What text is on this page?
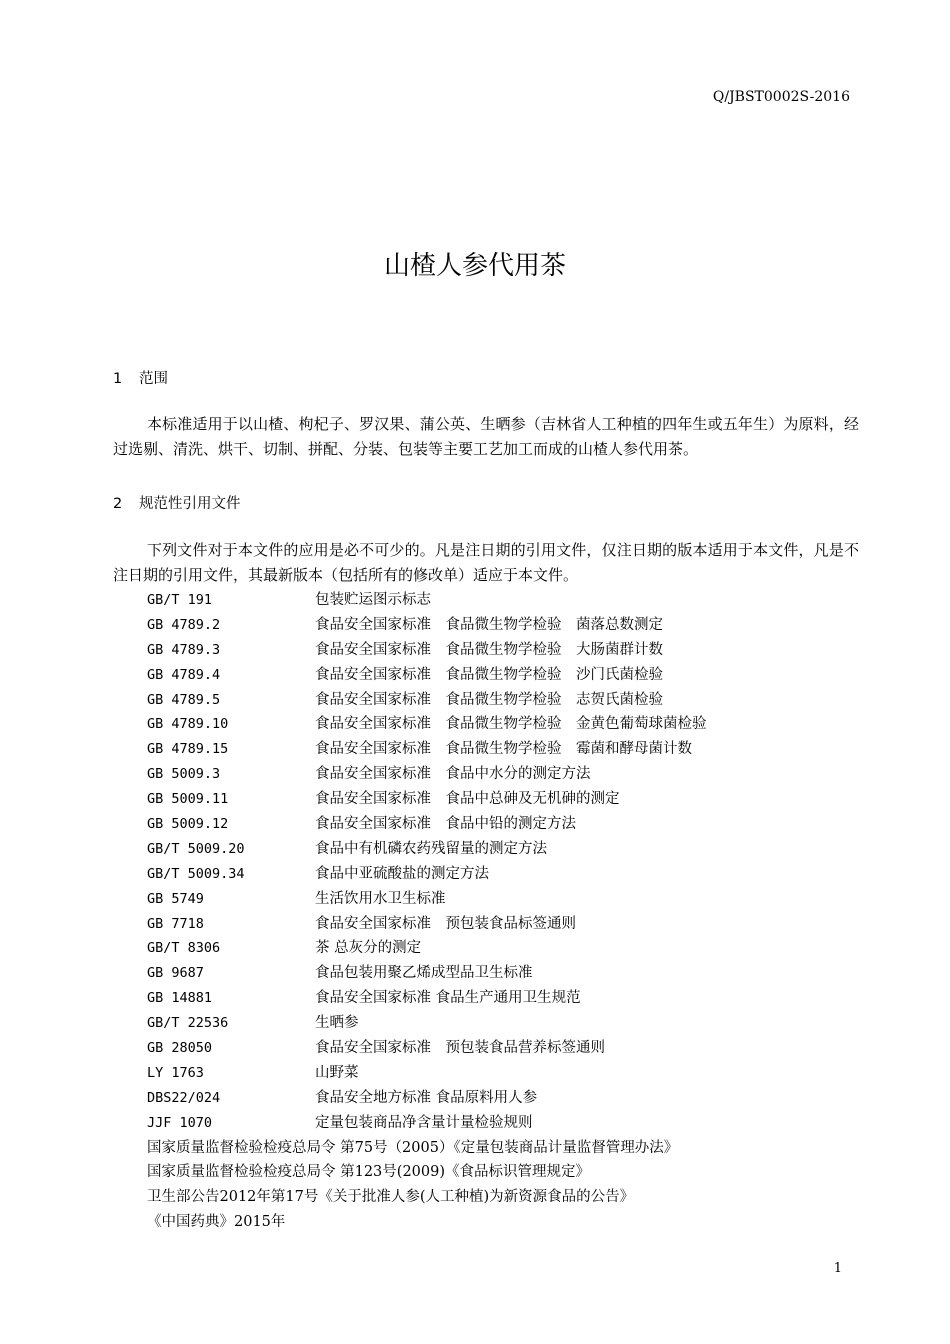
Q/JBST0002S-2016
山楂人参代用茶
1 范围
本标准适用于以山楂、枸杞子、罗汉果、蒲公英、生晒参（吉林省人工种植的四年生或五年生）为原料，经过选剔、清洗、烘干、切制、拼配、分装、包装等主要工艺加工而成的山楂人参代用茶。
2 规范性引用文件
下列文件对于本文件的应用是必不可少的。凡是注日期的引用文件，仅注日期的版本适用于本文件，凡是不注日期的引用文件，其最新版本（包括所有的修改单）适应于本文件。
GB/T 191	包装贮运图示标志
GB 4789.2	食品安全国家标准　食品微生物学检验　菌落总数测定
GB 4789.3	食品安全国家标准　食品微生物学检验　大肠菌群计数
GB 4789.4	食品安全国家标准　食品微生物学检验　沙门氏菌检验
GB 4789.5	食品安全国家标准　食品微生物学检验　志贺氏菌检验
GB 4789.10	食品安全国家标准　食品微生物学检验　金黄色葡萄球菌检验
GB 4789.15	食品安全国家标准　食品微生物学检验　霉菌和酵母菌计数
GB 5009.3	食品安全国家标准　食品中水分的测定方法
GB 5009.11	食品安全国家标准　食品中总砷及无机砷的测定
GB 5009.12	食品安全国家标准　食品中铅的测定方法
GB/T 5009.20	食品中有机磷农药残留量的测定方法
GB/T 5009.34	食品中亚硫酸盐的测定方法
GB 5749	生活饮用水卫生标准
GB 7718	食品安全国家标准　预包装食品标签通则
GB/T 8306	茶 总灰分的测定
GB 9687	食品包装用聚乙烯成型品卫生标准
GB 14881	食品安全国家标准 食品生产通用卫生规范
GB/T 22536	生晒参
GB 28050	食品安全国家标准　预包装食品营养标签通则
LY 1763	山野菜
DBS22/024	食品安全地方标准 食品原料用人参
JJF 1070	定量包装商品净含量计量检验规则
国家质量监督检验检疫总局令 第75号（2005）《定量包装商品计量监督管理办法》
国家质量监督检验检疫总局令 第123号(2009)《食品标识管理规定》
卫生部公告2012年第17号《关于批准人参(人工种植)为新资源食品的公告》
《中国药典》2015年
1
